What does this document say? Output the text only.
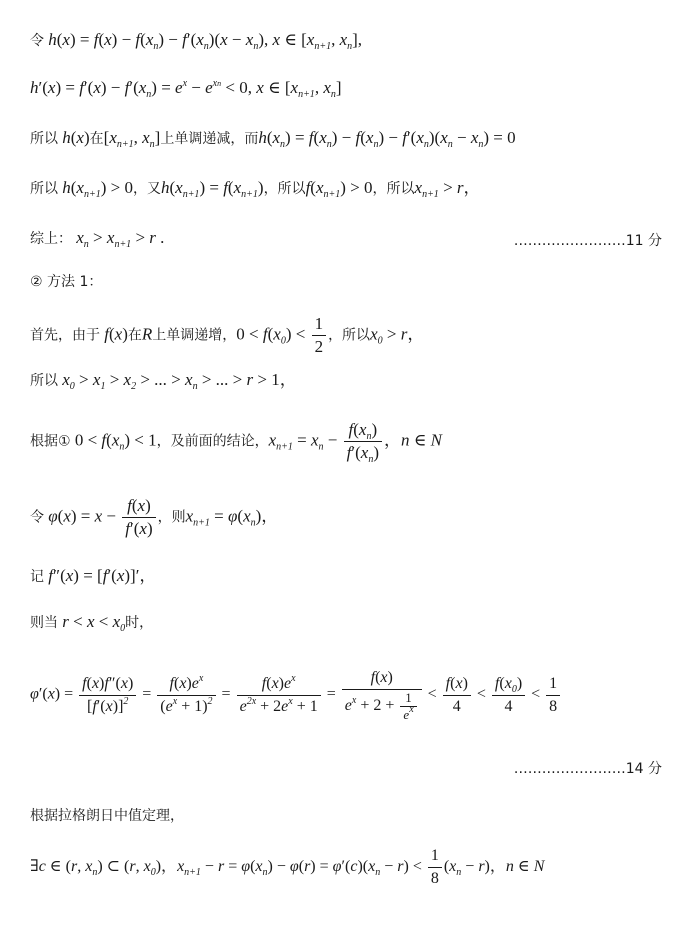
令 $h(x) = f(x) - f(x_n) - f'(x_n)(x - x_n)$, x ∈ [$x_{n+1}$, $x_n$],
$h'(x) = f'(x) - f'(x_n) = e^x - e^{xn} < 0$, x ∈ [$x_{n+1}$, $x_n$]
所以 h(x)在[$x_{n+1}$, $x_n$]上单调递减，而$h(x_n) = f(x_n) - f(x_n) - f'(x_n)(x_n - x_n) = 0$
所以 $h(x_{n+1}) > 0$，又$h(x_{n+1}) = f(x_{n+1})$，所以$f(x_{n+1}) > 0$，所以$x_{n+1} > r$，
综上： $x_n > x_{n+1} > r$ .	……………………11 分
② 方法 1：
首先，由于 f(x)在R上单调递增，$0 < f(x_0) < \frac{1}{2}$ ，所以$x_0 > r$，
所以 $x_0 > x_1 > x_2$ > ... > $x_n$ > ... > r > 1，
根据① $0 < f(x_n) < 1$，及前面的结论，$x_{n+1} = x_n - \frac{f(x_n)}{f'(x_n)}$ ，n ∈ N
令 $\varphi(x) = x - \frac{f(x)}{f'(x)}$ ，则$x_{n+1} = \varphi(x_n)$，
记 f″(x) = [f′(x)]′，
则当 $r < x < x_0$时，
$\varphi'(x) = \frac{f(x)f''(x)}{[f'(x)]^2} = \frac{f(x)e^x}{(e^x + 1)^2} = \frac{f(x)e^x}{e^{2x} + 2e^x + 1} = \frac{f(x)}{e^x + 2 + \frac{1}{e^x}} < \frac{f(x)}{4} < \frac{f(x_0)}{4} < \frac{1}{8}$
……………………14 分
根据拉格朗日中值定理，
∃c ∈ (r, $x_n$) ⊂ (r, $x_0$)，$x_{n+1} - r = \varphi(x_n) - \varphi(r) = \varphi'(c)(x_n - r) < \frac{1}{8} (x_n - r)$，n ∈ N
